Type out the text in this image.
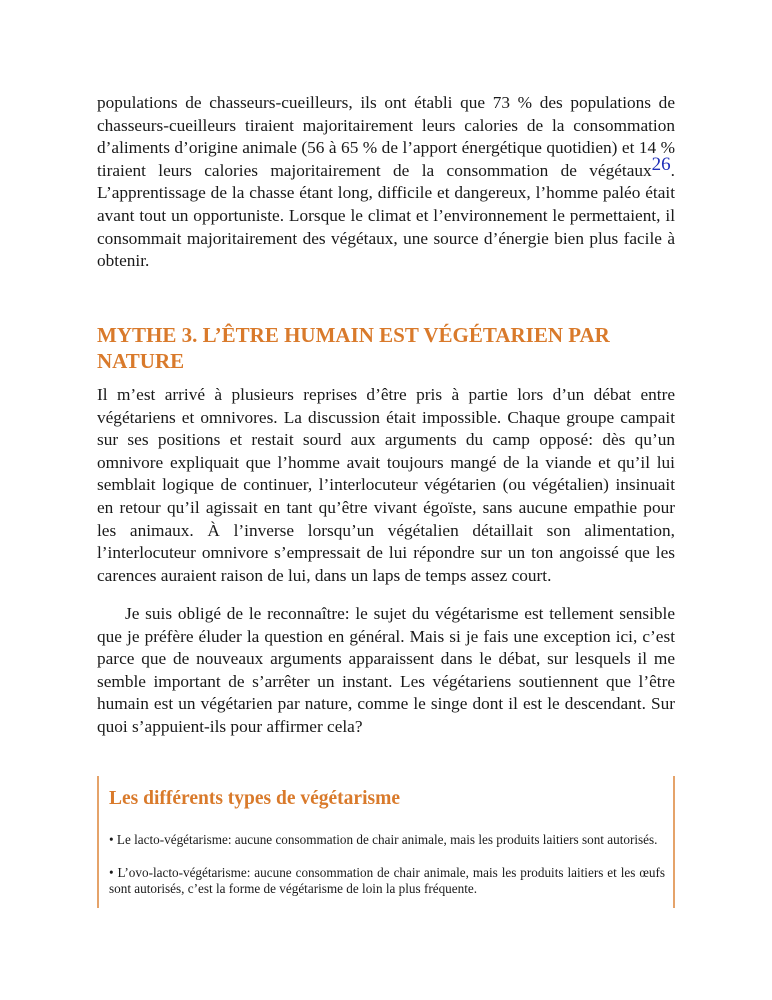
populations de chasseurs-cueilleurs, ils ont établi que 73 % des populations de chasseurs-cueilleurs tiraient majoritairement leurs calories de la consommation d’aliments d’origine animale (56 à 65 % de l’apport énergétique quotidien) et 14 % tiraient leurs calories majoritairement de la consommation de végétaux26. L’apprentissage de la chasse étant long, difficile et dangereux, l’homme paléo était avant tout un opportuniste. Lorsque le climat et l’environnement le permettaient, il consommait majoritairement des végétaux, une source d’énergie bien plus facile à obtenir.

MYTHE 3. L’ÊTRE HUMAIN EST VÉGÉTARIEN PAR NATURE

Il m’est arrivé à plusieurs reprises d’être pris à partie lors d’un débat entre végétariens et omnivores. La discussion était impossible. Chaque groupe campait sur ses positions et restait sourd aux arguments du camp opposé: dès qu’un omnivore expliquait que l’homme avait toujours mangé de la viande et qu’il lui semblait logique de continuer, l’interlocuteur végétarien (ou végétalien) insinuait en retour qu’il agissait en tant qu’être vivant égoïste, sans aucune empathie pour les animaux. À l’inverse lorsqu’un végétalien détaillait son alimentation, l’interlocuteur omnivore s’empressait de lui répondre sur un ton angoissé que les carences auraient raison de lui, dans un laps de temps assez court.

Je suis obligé de le reconnaître: le sujet du végétarisme est tellement sensible que je préfère éluder la question en général. Mais si je fais une exception ici, c’est parce que de nouveaux arguments apparaissent dans le débat, sur lesquels il me semble important de s’arrêter un instant. Les végétariens soutiennent que l’être humain est un végétarien par nature, comme le singe dont il est le descendant. Sur quoi s’appuient-ils pour affirmer cela?

Les différents types de végétarisme

• Le lacto-végétarisme: aucune consommation de chair animale, mais les produits laitiers sont autorisés.

• L’ovo-lacto-végétarisme: aucune consommation de chair animale, mais les produits laitiers et les œufs sont autorisés, c’est la forme de végétarisme de loin la plus fréquente.
